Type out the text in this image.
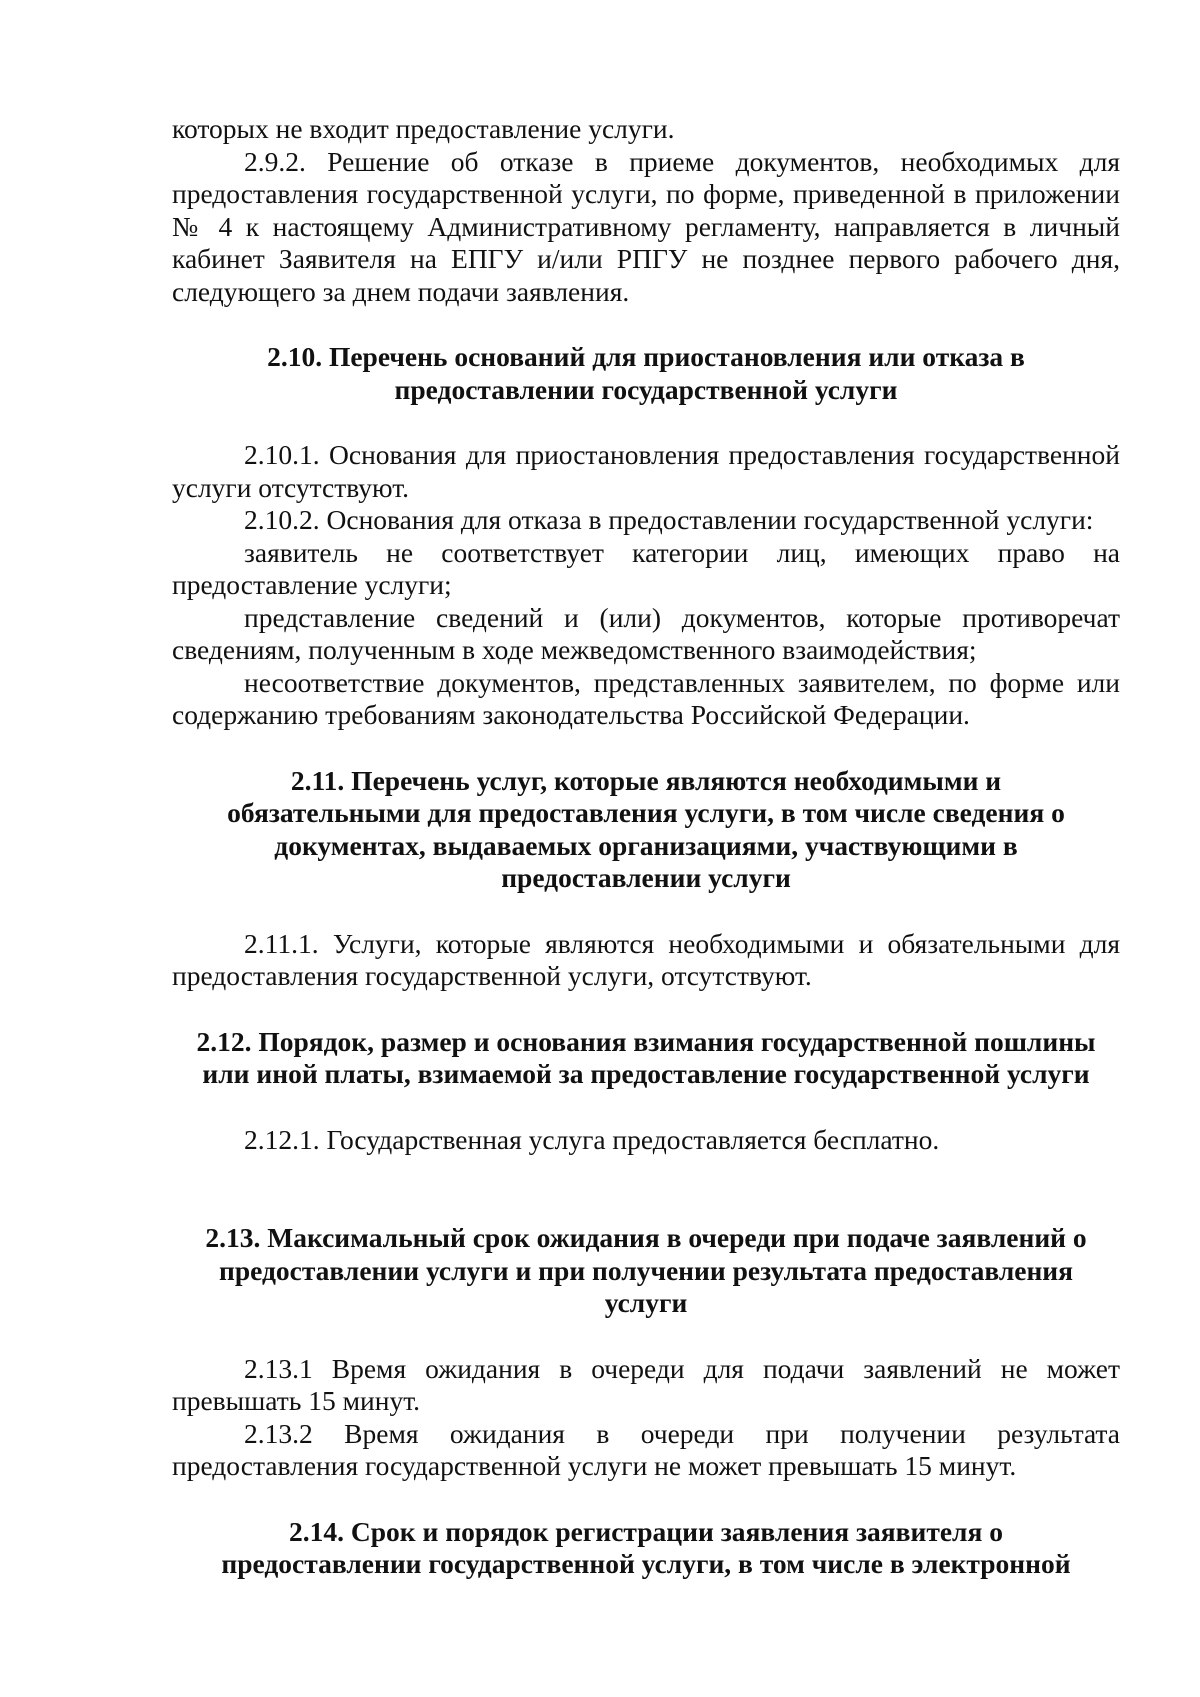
которых не входит предоставление услуги.

2.9.2. Решение об отказе в приеме документов, необходимых для предоставления государственной услуги, по форме, приведенной в приложении № 4 к настоящему Административному регламенту, направляется в личный кабинет Заявителя на ЕПГУ и/или РПГУ не позднее первого рабочего дня, следующего за днем подачи заявления.

2.10. Перечень оснований для приостановления или отказа в
предоставлении государственной услуги

2.10.1. Основания для приостановления предоставления государственной услуги отсутствуют.

2.10.2. Основания для отказа в предоставлении государственной услуги:

заявитель не соответствует категории лиц, имеющих право на предоставление услуги;

представление сведений и (или) документов, которые противоречат сведениям, полученным в ходе межведомственного взаимодействия;

несоответствие документов, представленных заявителем, по форме или содержанию требованиям законодательства Российской Федерации.

2.11. Перечень услуг, которые являются необходимыми и
обязательными для предоставления услуги, в том числе сведения о
документах, выдаваемых организациями, участвующими в
предоставлении услуги

2.11.1. Услуги, которые являются необходимыми и обязательными для предоставления государственной услуги, отсутствуют.

2.12. Порядок, размер и основания взимания государственной пошлины
или иной платы, взимаемой за предоставление государственной услуги

2.12.1. Государственная услуга предоставляется бесплатно.

2.13. Максимальный срок ожидания в очереди при подаче заявлений о
предоставлении услуги и при получении результата предоставления
услуги

2.13.1 Время ожидания в очереди для подачи заявлений не может превышать 15 минут.

2.13.2 Время ожидания в очереди при получении результата предоставления государственной услуги не может превышать 15 минут.

2.14. Срок и порядок регистрации заявления заявителя о
предоставлении государственной услуги, в том числе в электронной
